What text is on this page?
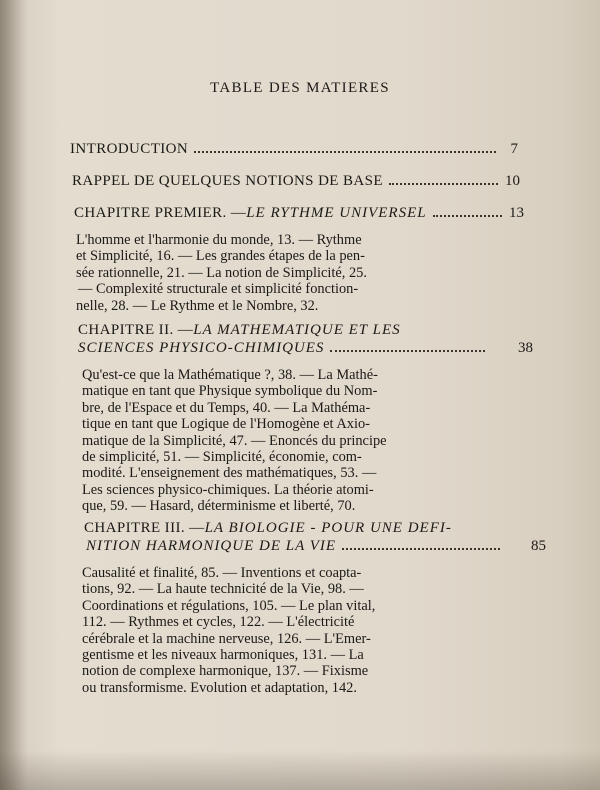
TABLE DES MATIERES
INTRODUCTION	7
RAPPEL DE QUELQUES NOTIONS DE BASE	10
CHAPITRE PREMIER. — LE RYTHME UNIVERSEL	13
L'homme et l'harmonie du monde, 13. — Rythme
et Simplicité, 16. — Les grandes étapes de la pen-
sée rationnelle, 21. — La notion de Simplicité, 25.
— Complexité structurale et simplicité fonction-
nelle, 28. — Le Rythme et le Nombre, 32.
CHAPITRE II. — LA MATHEMATIQUE ET LES
SCIENCES PHYSICO-CHIMIQUES	38
Qu'est-ce que la Mathématique ?, 38. — La Mathé-
matique en tant que Physique symbolique du Nom-
bre, de l'Espace et du Temps, 40. — La Mathéma-
tique en tant que Logique de l'Homogène et Axio-
matique de la Simplicité, 47. — Enoncés du principe
de simplicité, 51. — Simplicité, économie, com-
modité. L'enseignement des mathématiques, 53. —
Les sciences physico-chimiques. La théorie atomi-
que, 59. — Hasard, déterminisme et liberté, 70.
CHAPITRE III. — LA BIOLOGIE - POUR UNE DEFI-
NITION HARMONIQUE DE LA VIE	85
Causalité et finalité, 85. — Inventions et coapta-
tions, 92. — La haute technicité de la Vie, 98. —
Coordinations et régulations, 105. — Le plan vital,
112. — Rythmes et cycles, 122. — L'électricité
cérébrale et la machine nerveuse, 126. — L'Emer-
gentisme et les niveaux harmoniques, 131. — La
notion de complexe harmonique, 137. — Fixisme
ou transformisme. Evolution et adaptation, 142.
